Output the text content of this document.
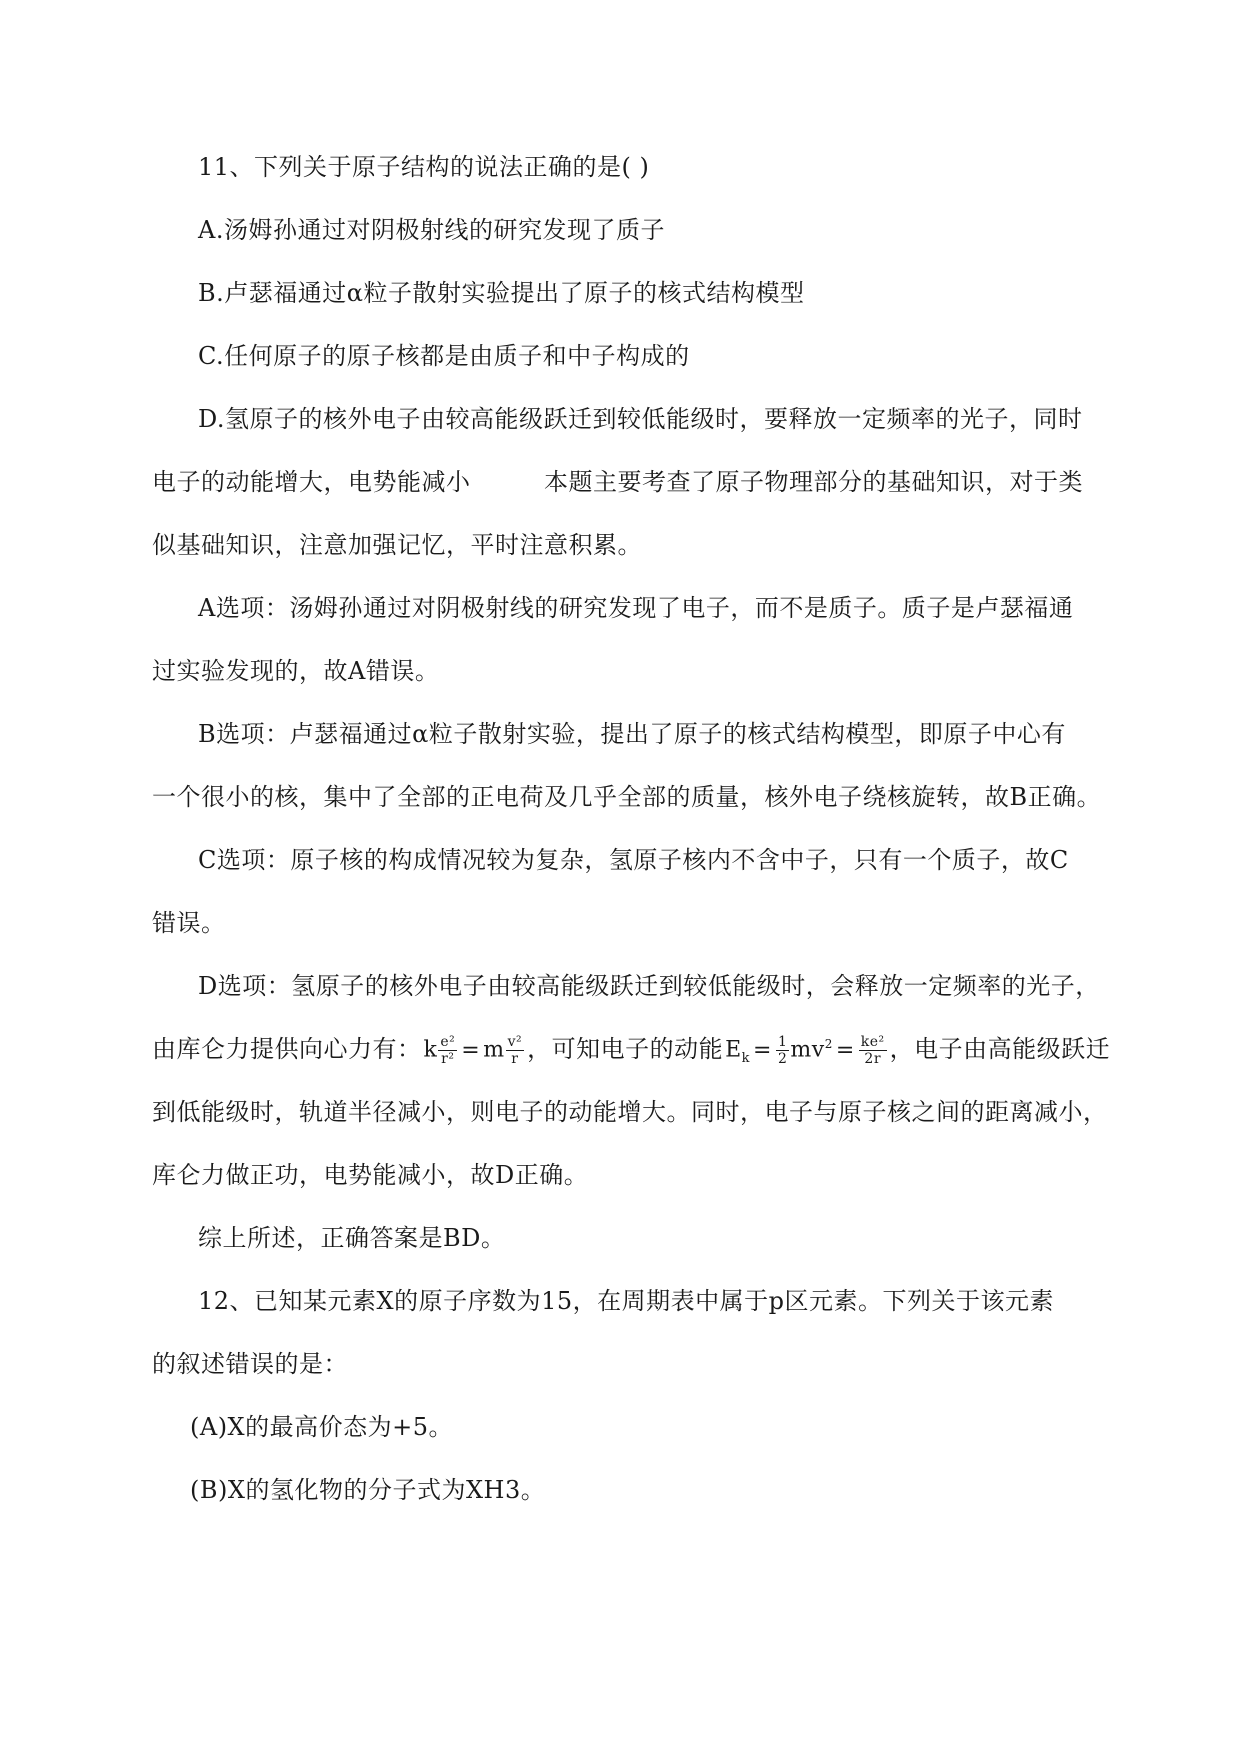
11、下列关于原子结构的说法正确的是( )
A.汤姆孙通过对阴极射线的研究发现了质子
B.卢瑟福通过α粒子散射实验提出了原子的核式结构模型
C.任何原子的原子核都是由质子和中子构成的
D.氢原子的核外电子由较高能级跃迁到较低能级时，要释放一定频率的光子，同时
电子的动能增大，电势能减小　　　本题主要考查了原子物理部分的基础知识，对于类
似基础知识，注意加强记忆，平时注意积累。
A选项：汤姆孙通过对阴极射线的研究发现了电子，而不是质子。质子是卢瑟福通
过实验发现的，故A错误。
B选项：卢瑟福通过α粒子散射实验，提出了原子的核式结构模型，即原子中心有
一个很小的核，集中了全部的正电荷及几乎全部的质量，核外电子绕核旋转，故B正确。
C选项：原子核的构成情况较为复杂，氢原子核内不含中子，只有一个质子，故C
错误。
D选项：氢原子的核外电子由较高能级跃迁到较低能级时，会释放一定频率的光子，
由库仑力提供向心力有：k $\frac{\text{e²}}{\text{r²}} = m \frac{\text{v²}}{r}$ ，可知电子的动能$E_k = \frac{1}{2} mv^2 = \frac{\text{ke²}}{2r}$ ，电子由高能级跃迁
到低能级时，轨道半径减小，则电子的动能增大。同时，电子与原子核之间的距离减小，
库仑力做正功，电势能减小，故D正确。
综上所述，正确答案是BD。
12、已知某元素X的原子序数为15，在周期表中属于p区元素。下列关于该元素
的叙述错误的是：
(A)X的最高价态为+5。
(B)X的氢化物的分子式为XH3。
